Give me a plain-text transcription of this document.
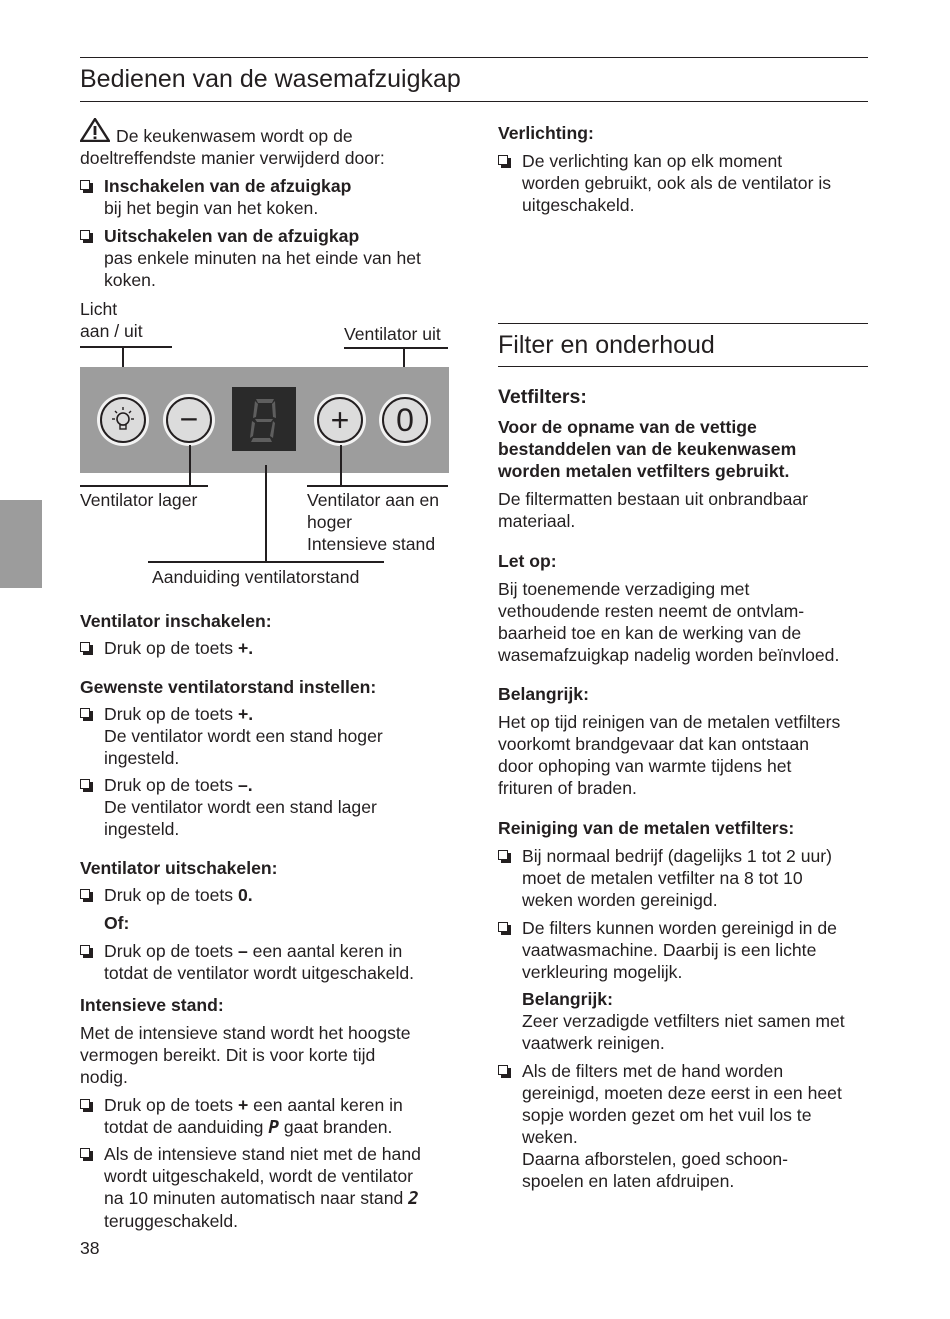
Bedienen van de wasemafzuigkap
De keukenwasem wordt op de
doeltreffendste manier verwijderd door:
Inschakelen van de afzuigkap
bij het begin van het koken.
Uitschakelen van de afzuigkap
pas enkele minuten na het einde van het
koken.
Licht
aan / uit	Ventilator uit
−	+	0
Ventilator lager	Ventilator aan en
hoger
Intensieve stand
Aanduiding ventilatorstand
Ventilator inschakelen:
Druk op de toets +.
Gewenste ventilatorstand instellen:
Druk op de toets +.
De ventilator wordt een stand hoger
ingesteld.
Druk op de toets –.
De ventilator wordt een stand lager
ingesteld.
Ventilator uitschakelen:
Druk op de toets 0.
Of:
Druk op de toets – een aantal keren in
totdat de ventilator wordt uitgeschakeld.
Intensieve stand:
Met de intensieve stand wordt het hoogste
vermogen bereikt. Dit is voor korte tijd
nodig.
Druk op de toets + een aantal keren in
totdat de aanduiding P gaat branden.
Als de intensieve stand niet met de hand
wordt uitgeschakeld, wordt de ventilator
na 10 minuten automatisch naar stand 2
teruggeschakeld.
38
Verlichting:
De verlichting kan op elk moment
worden gebruikt, ook als de ventilator is
uitgeschakeld.
Filter en onderhoud
Vetfilters:
Voor de opname van de vettige
bestanddelen van de keukenwasem
worden metalen vetfilters gebruikt.
De filtermatten bestaan uit onbrandbaar
materiaal.
Let op:
Bij toenemende verzadiging met
vethoudende resten neemt de ontvlam-
baarheid toe en kan de werking van de
wasemafzuigkap nadelig worden beïnvloed.
Belangrijk:
Het op tijd reinigen van de metalen vetfilters
voorkomt brandgevaar dat kan ontstaan
door ophoping van warmte tijdens het
frituren of braden.
Reiniging van de metalen vetfilters:
Bij normaal bedrijf (dagelijks 1 tot 2 uur)
moet de metalen vetfilter na 8 tot 10
weken worden gereinigd.
De filters kunnen worden gereinigd in de
vaatwasmachine. Daarbij is een lichte
verkleuring mogelijk.
Belangrijk:
Zeer verzadigde vetfilters niet samen met
vaatwerk reinigen.
Als de filters met de hand worden
gereinigd, moeten deze eerst in een heet
sopje worden gezet om het vuil los te
weken.
Daarna afborstelen, goed schoon-
spoelen en laten afdruipen.
